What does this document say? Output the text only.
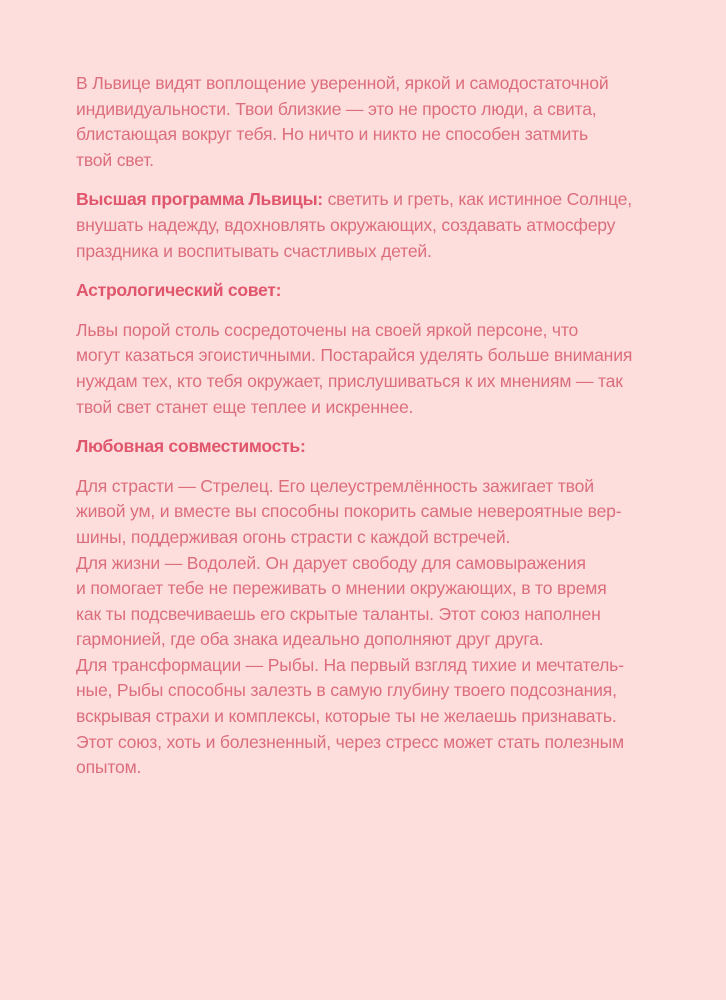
В Львице видят воплощение уверенной, яркой и самодостаточной
индивидуальности. Твои близкие — это не просто люди, а свита,
блистающая вокруг тебя. Но ничто и никто не способен затмить
твой свет.

Высшая программа Львицы: светить и греть, как истинное Солнце,
внушать надежду, вдохновлять окружающих, создавать атмосферу
праздника и воспитывать счастливых детей.

Астрологический совет:

Львы порой столь сосредоточены на своей яркой персоне, что
могут казаться эгоистичными. Постарайся уделять больше внимания
нуждам тех, кто тебя окружает, прислушиваться к их мнениям — так
твой свет станет еще теплее и искреннее.

Любовная совместимость:

Для страсти — Стрелец. Его целеустремлённость зажигает твой
живой ум, и вместе вы способны покорить самые невероятные вер-
шины, поддерживая огонь страсти с каждой встречей.
Для жизни — Водолей. Он дарует свободу для самовыражения
и помогает тебе не переживать о мнении окружающих, в то время
как ты подсвечиваешь его скрытые таланты. Этот союз наполнен
гармонией, где оба знака идеально дополняют друг друга.
Для трансформации — Рыбы. На первый взгляд тихие и мечтатель-
ные, Рыбы способны залезть в самую глубину твоего подсознания,
вскрывая страхи и комплексы, которые ты не желаешь признавать.
Этот союз, хоть и болезненный, через стресс может стать полезным
опытом.
